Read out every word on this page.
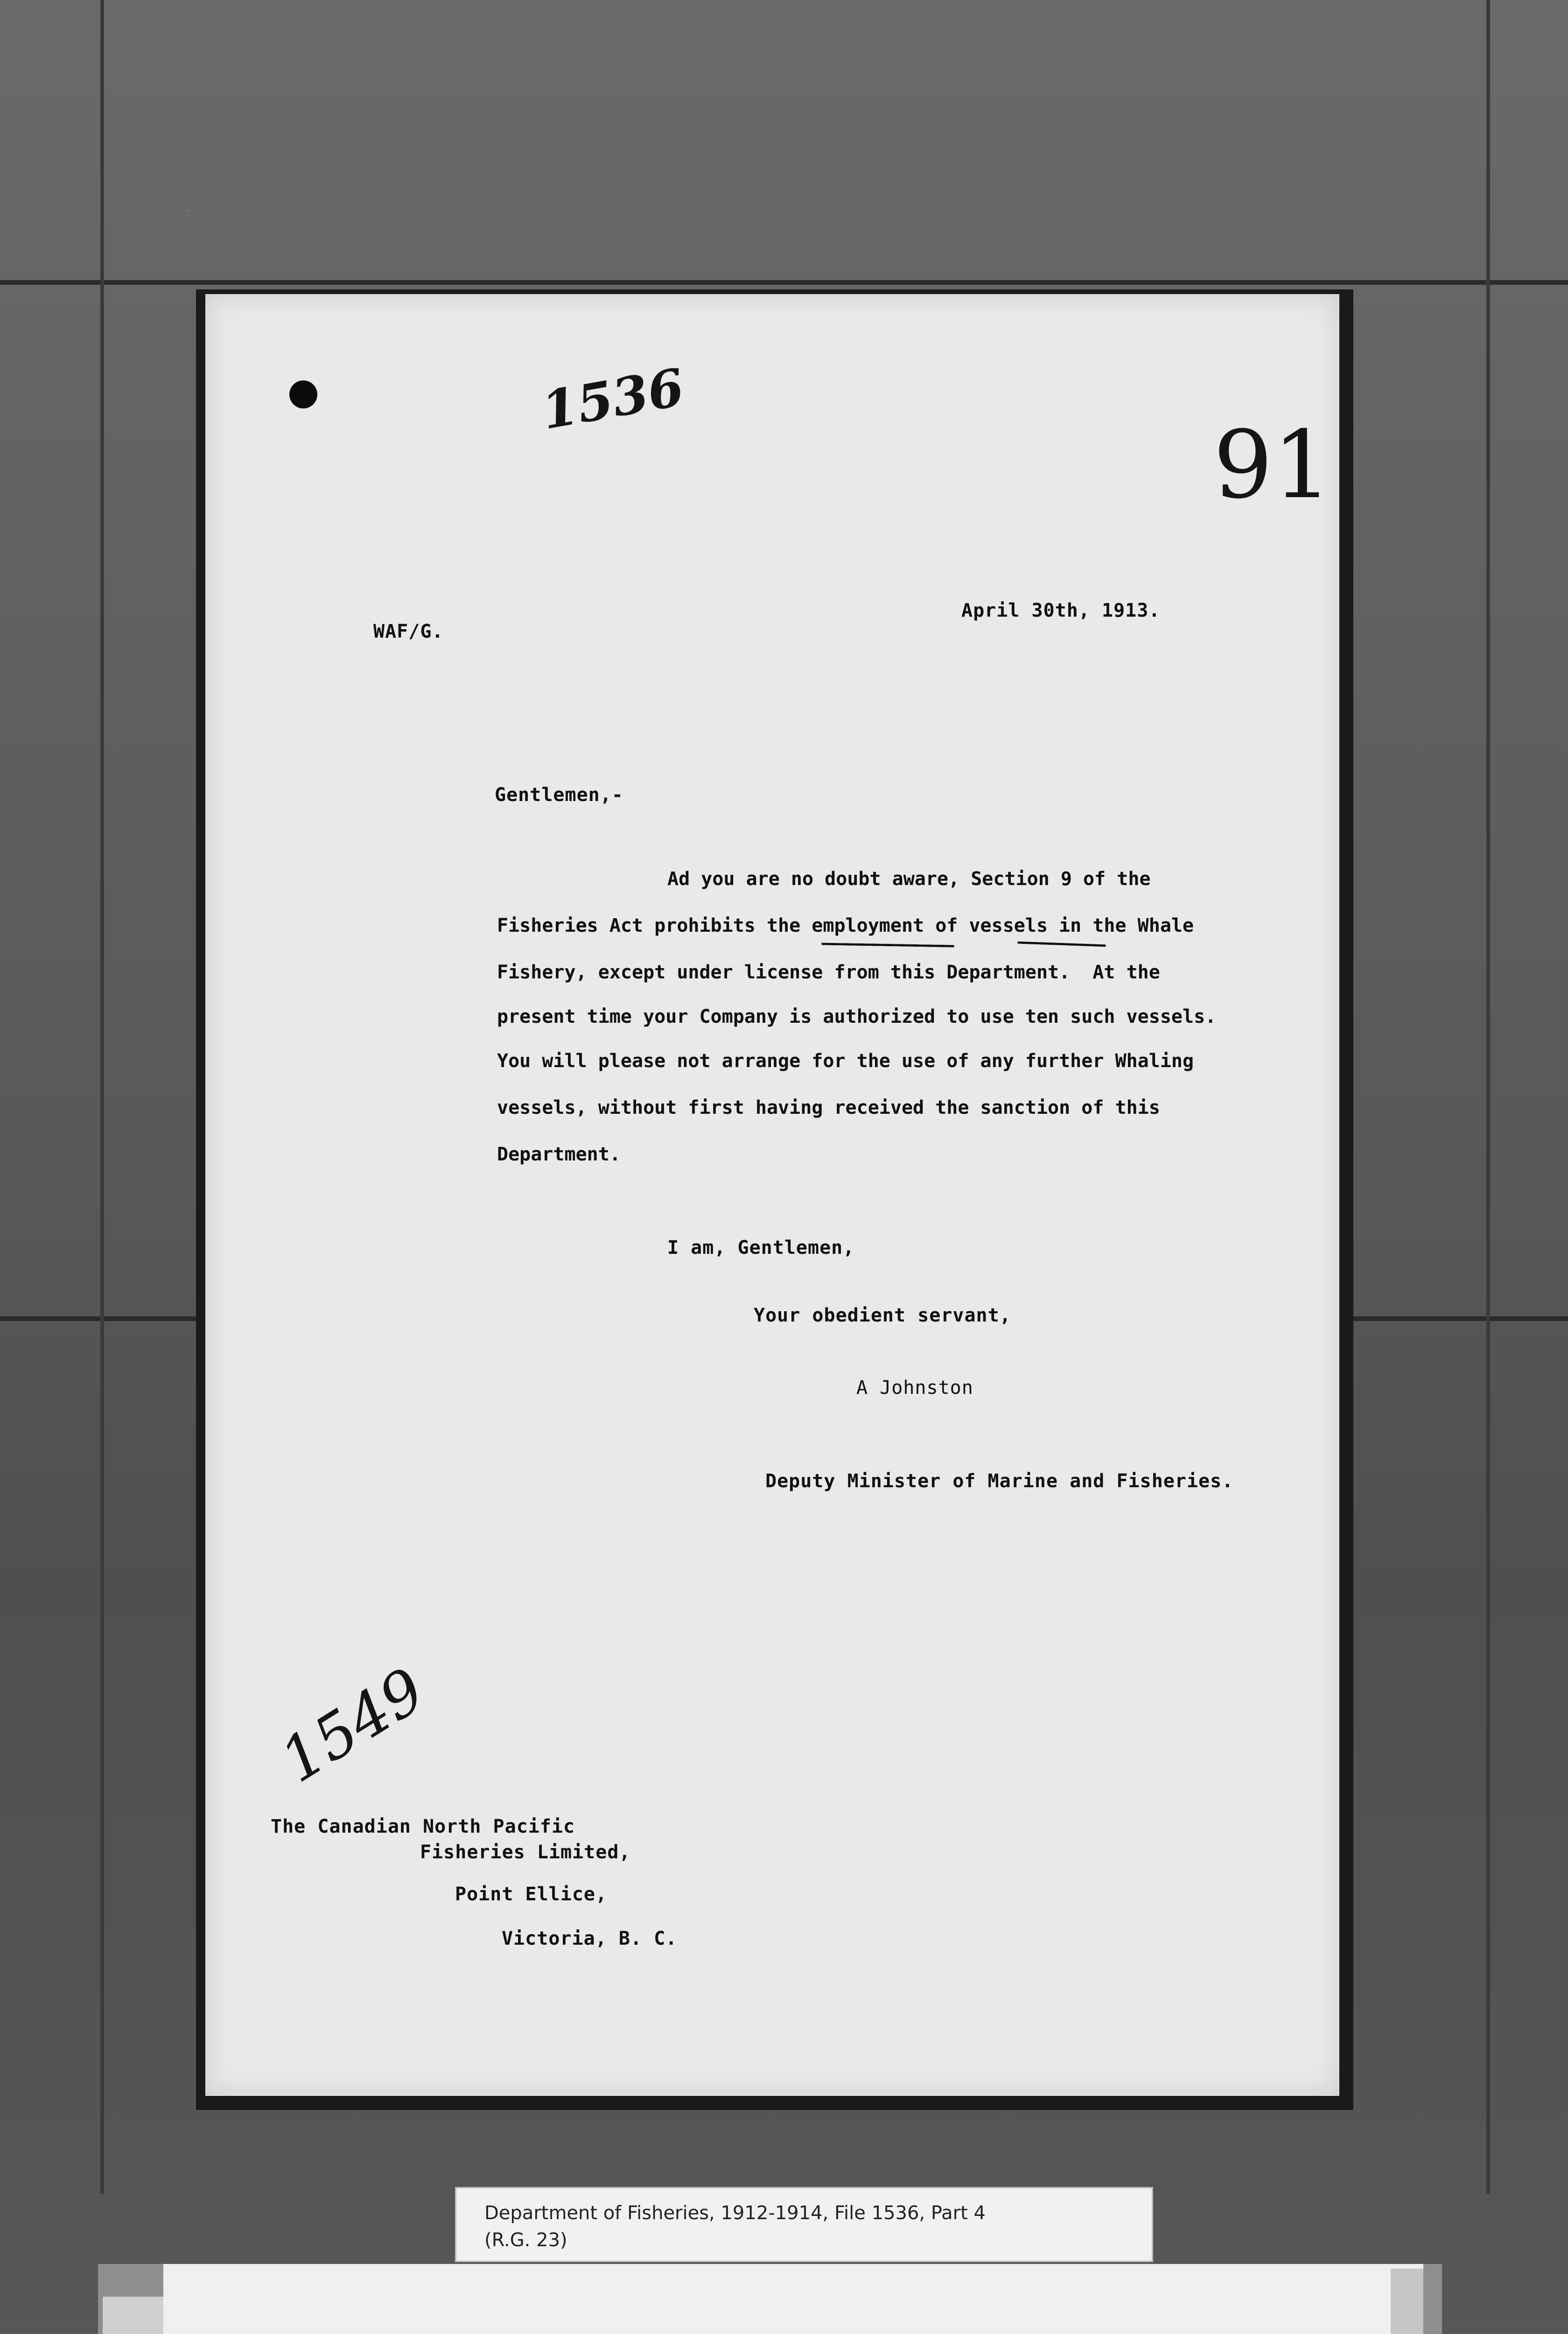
1536
91
1549
WAF/G.
April 30th, 1913.
Gentlemen,-
Ad you are no doubt aware, Section 9 of the
Fisheries Act prohibits the employment of vessels in the Whale
Fishery, except under license from this Department.  At the
present time your Company is authorized to use ten such vessels.
You will please not arrange for the use of any further Whaling
vessels, without first having received the sanction of this
Department.
I am, Gentlemen,
Your obedient servant,
A Johnston
Deputy Minister of Marine and Fisheries.
The Canadian North Pacific
Fisheries Limited,
Point Ellice,
Victoria, B. C.
Department of Fisheries, 1912-1914, File 1536, Part 4
(R.G. 23)
